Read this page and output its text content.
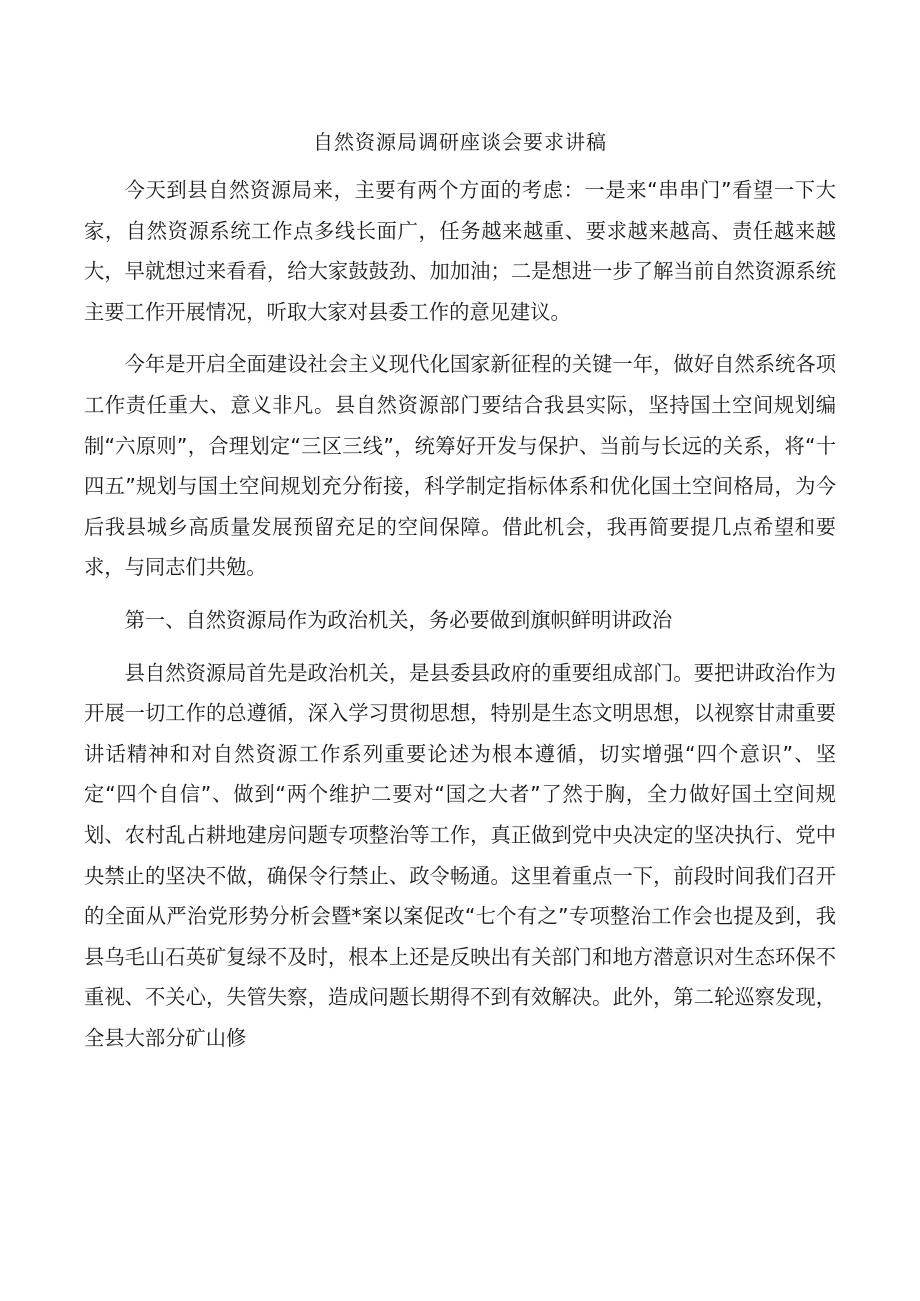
自然资源局调研座谈会要求讲稿

今天到县自然资源局来，主要有两个方面的考虑：一是来“串串门”看望一下大家，自然资源系统工作点多线长面广，任务越来越重、要求越来越高、责任越来越大，早就想过来看看，给大家鼓鼓劲、加加油；二是想进一步了解当前自然资源系统主要工作开展情况，听取大家对县委工作的意见建议。

今年是开启全面建设社会主义现代化国家新征程的关键一年，做好自然系统各项工作责任重大、意义非凡。县自然资源部门要结合我县实际，坚持国土空间规划编制“六原则”，合理划定“三区三线”，统筹好开发与保护、当前与长远的关系，将“十四五”规划与国土空间规划充分衔接，科学制定指标体系和优化国土空间格局，为今后我县城乡高质量发展预留充足的空间保障。借此机会，我再简要提几点希望和要求，与同志们共勉。

第一、自然资源局作为政治机关，务必要做到旗帜鲜明讲政治

县自然资源局首先是政治机关，是县委县政府的重要组成部门。要把讲政治作为开展一切工作的总遵循，深入学习贯彻思想，特别是生态文明思想，以视察甘肃重要讲话精神和对自然资源工作系列重要论述为根本遵循，切实增强“四个意识”、坚定“四个自信”、做到“两个维护二要对“国之大者”了然于胸，全力做好国土空间规划、农村乱占耕地建房问题专项整治等工作，真正做到党中央决定的坚决执行、党中央禁止的坚决不做，确保令行禁止、政令畅通。这里着重点一下，前段时间我们召开的全面从严治党形势分析会暨*案以案促改“七个有之”专项整治工作会也提及到，我县乌毛山石英矿复绿不及时，根本上还是反映出有关部门和地方潜意识对生态环保不重视、不关心，失管失察，造成问题长期得不到有效解决。此外，第二轮巡察发现，全县大部分矿山修
